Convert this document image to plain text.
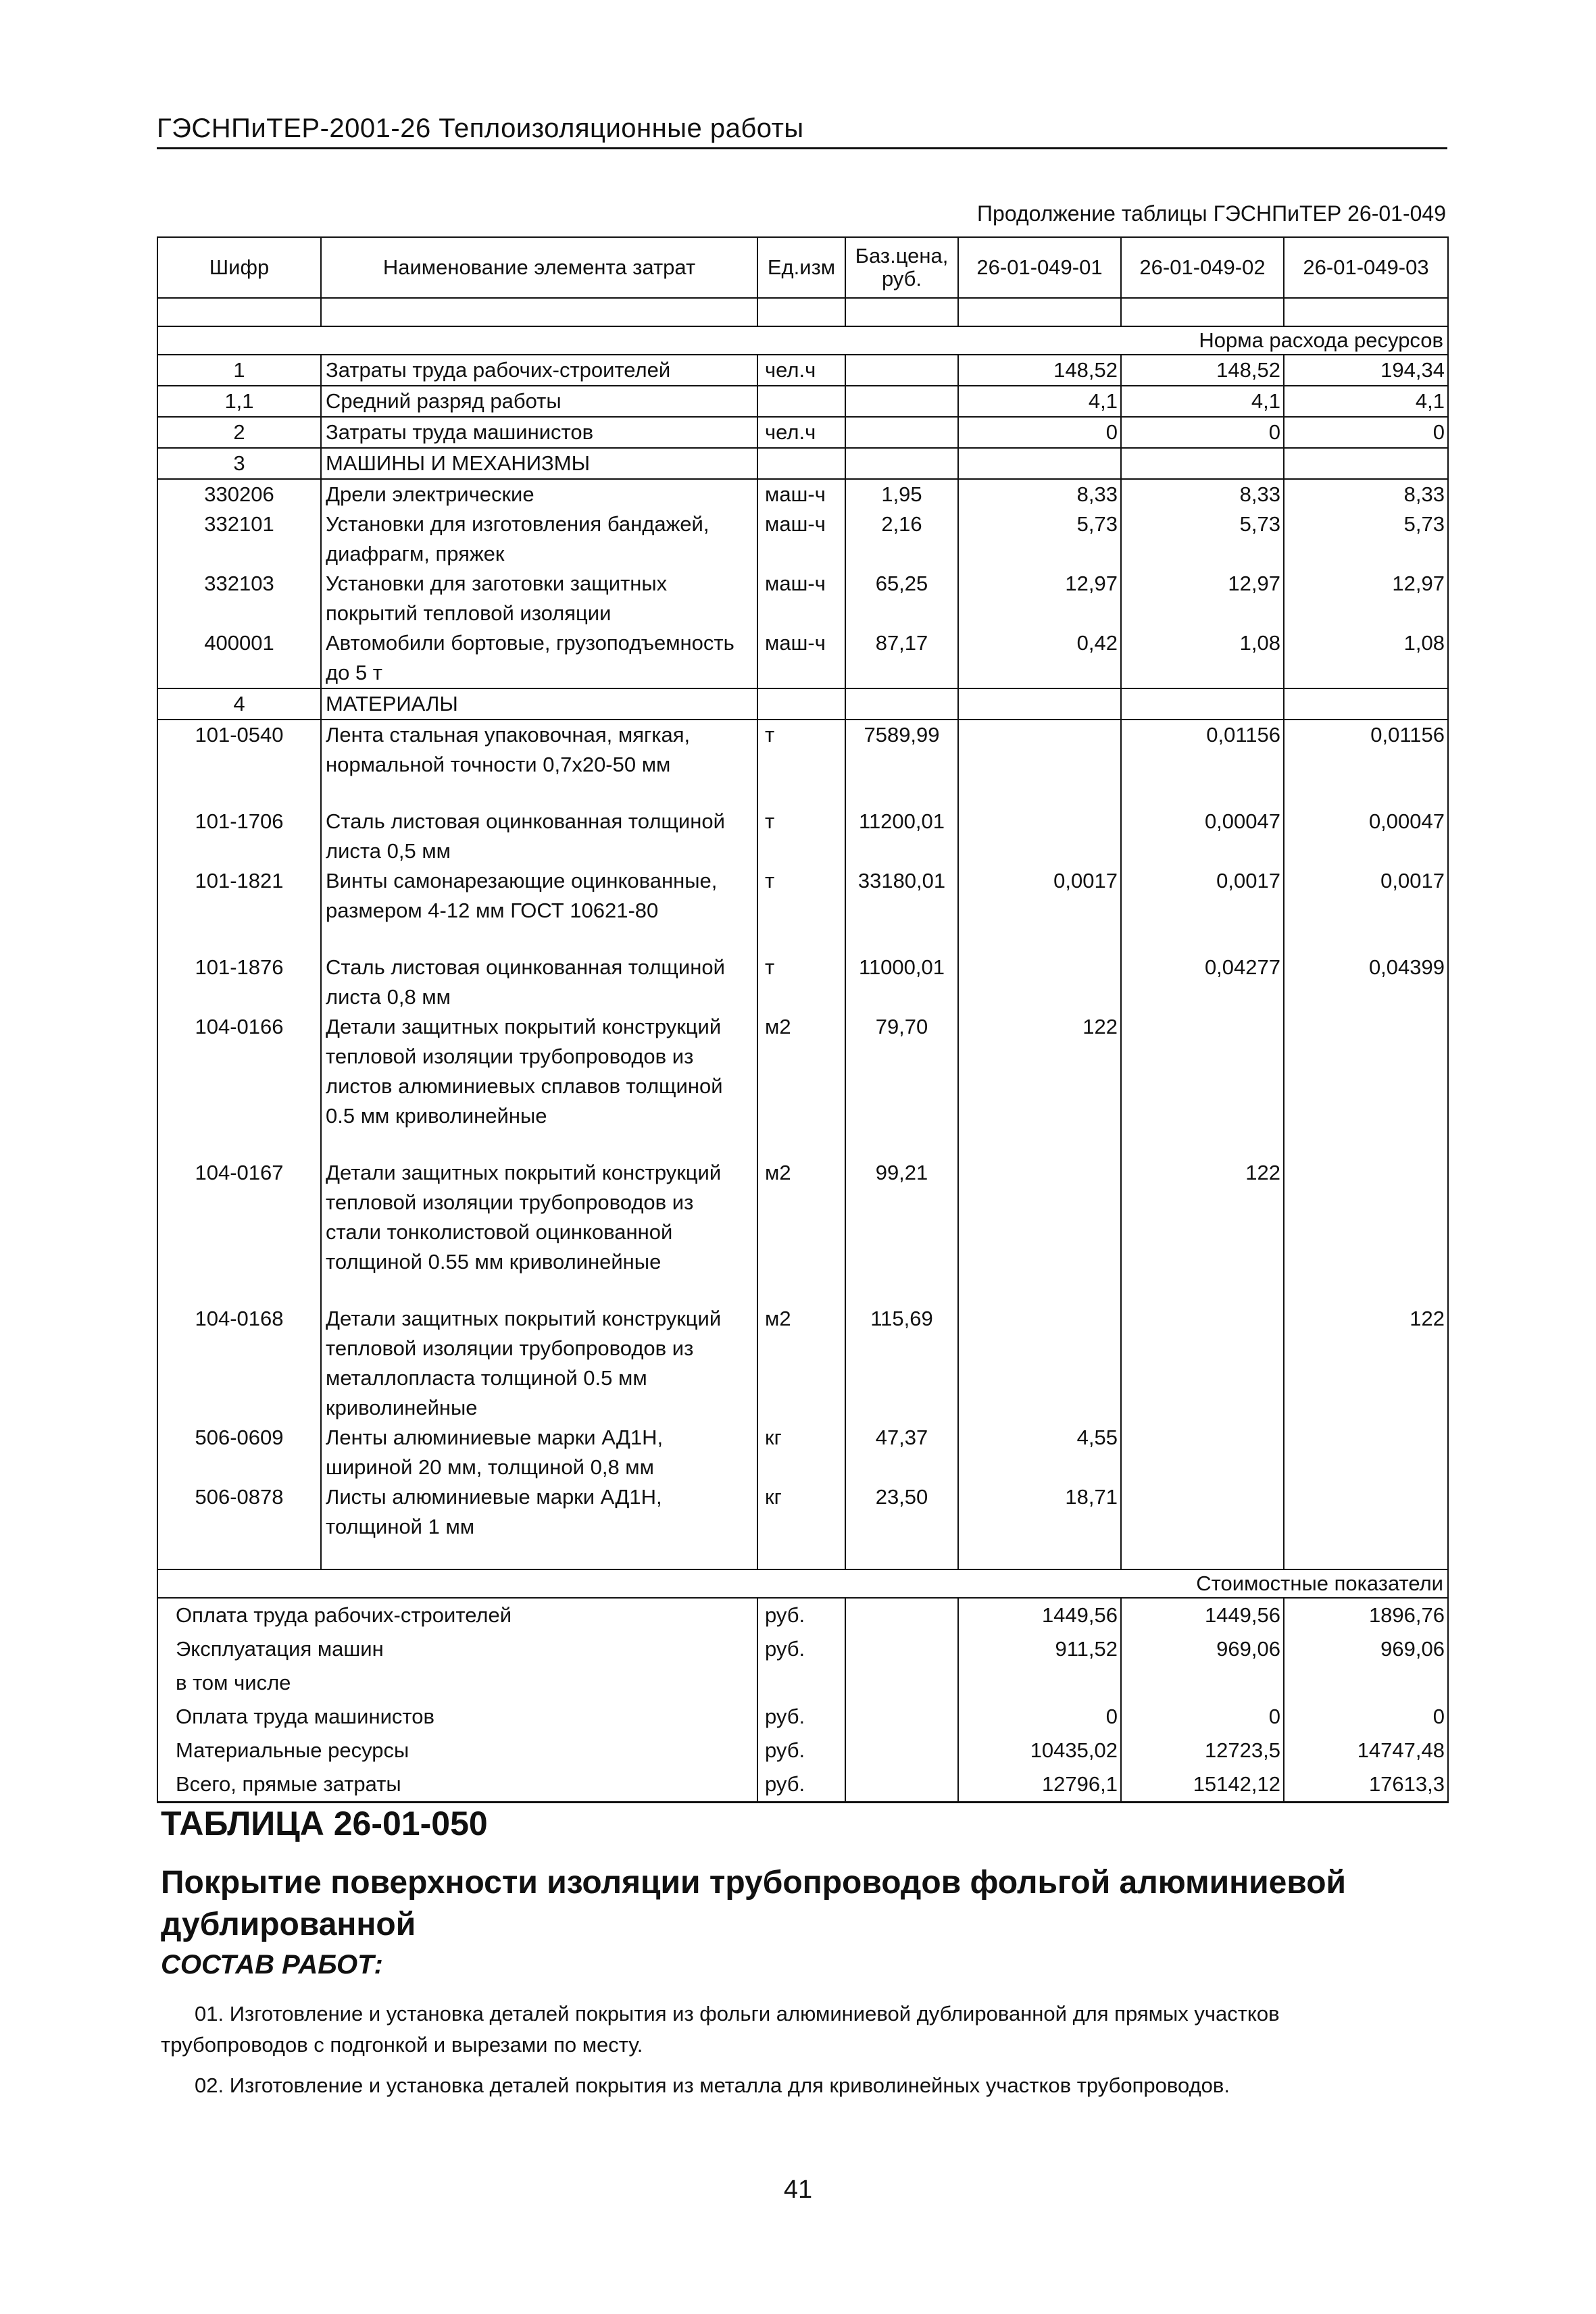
ГЭСНПиТЕР-2001-26 Теплоизоляционные работы
Продолжение таблицы ГЭСНПиТЕР 26-01-049
Шифр	Наименование элемента затрат	Ед.изм	Баз.цена, руб.	26-01-049-01	26-01-049-02	26-01-049-03

Норма расхода ресурсов						
1	Затраты труда рабочих-строителей	чел.ч		148,52	148,52	194,34
1,1	Средний разряд работы			4,1	4,1	4,1
2	Затраты труда машинистов	чел.ч		0	0	0
3	МАШИНЫ И МЕХАНИЗМЫ					
330206	Дрели электрические	маш-ч	1,95	8,33	8,33	8,33
332101	Установки для изготовления бандажей, диафрагм, пряжек	маш-ч	2,16	5,73	5,73	5,73
332103	Установки для заготовки защитных покрытий тепловой изоляции	маш-ч	65,25	12,97	12,97	12,97
400001	Автомобили бортовые, грузоподъемность до 5 т	маш-ч	87,17	0,42	1,08	1,08
4	МАТЕРИАЛЫ					
101-0540	Лента стальная упаковочная, мягкая, нормальной точности 0,7х20-50 мм	т	7589,99		0,01156	0,01156

101-1706	Сталь листовая оцинкованная толщиной листа 0,5 мм	т	11200,01		0,00047	0,00047
101-1821	Винты самонарезающие оцинкованные, размером 4-12 мм ГОСТ 10621-80	т	33180,01	0,0017	0,0017	0,0017

101-1876	Сталь листовая оцинкованная толщиной листа 0,8 мм	т	11000,01		0,04277	0,04399
104-0166	Детали защитных покрытий конструкций тепловой изоляции трубопроводов из листов алюминиевых сплавов толщиной 0.5 мм криволинейные	м2	79,70	122		

104-0167	Детали защитных покрытий конструкций тепловой изоляции трубопроводов из стали тонколистовой оцинкованной толщиной 0.55 мм криволинейные	м2	99,21		122	

104-0168	Детали защитных покрытий конструкций тепловой изоляции трубопроводов из металлопласта толщиной 0.5 мм криволинейные	м2	115,69			122
506-0609	Ленты алюминиевые марки АД1Н, шириной 20 мм, толщиной 0,8 мм	кг	47,37	4,55		
506-0878	Листы алюминиевые марки АД1Н, толщиной 1 мм	кг	23,50	18,71		

Стоимостные показатели						
Оплата труда рабочих-строителей		руб.		1449,56	1449,56	1896,76
Эксплуатация машин		руб.		911,52	969,06	969,06
в том числе						
Оплата труда машинистов		руб.		0	0	0
Материальные ресурсы		руб.		10435,02	12723,5	14747,48
Всего, прямые затраты		руб.		12796,1	15142,12	17613,3
ТАБЛИЦА 26-01-050
Покрытие поверхности изоляции трубопроводов фольгой алюминиевой дублированной
СОСТАВ РАБОТ:

01. Изготовление и установка деталей покрытия из фольги алюминиевой дублированной для прямых участков трубопроводов с подгонкой и вырезами по месту.

02. Изготовление и установка деталей покрытия из металла для криволинейных участков трубопроводов.

41
